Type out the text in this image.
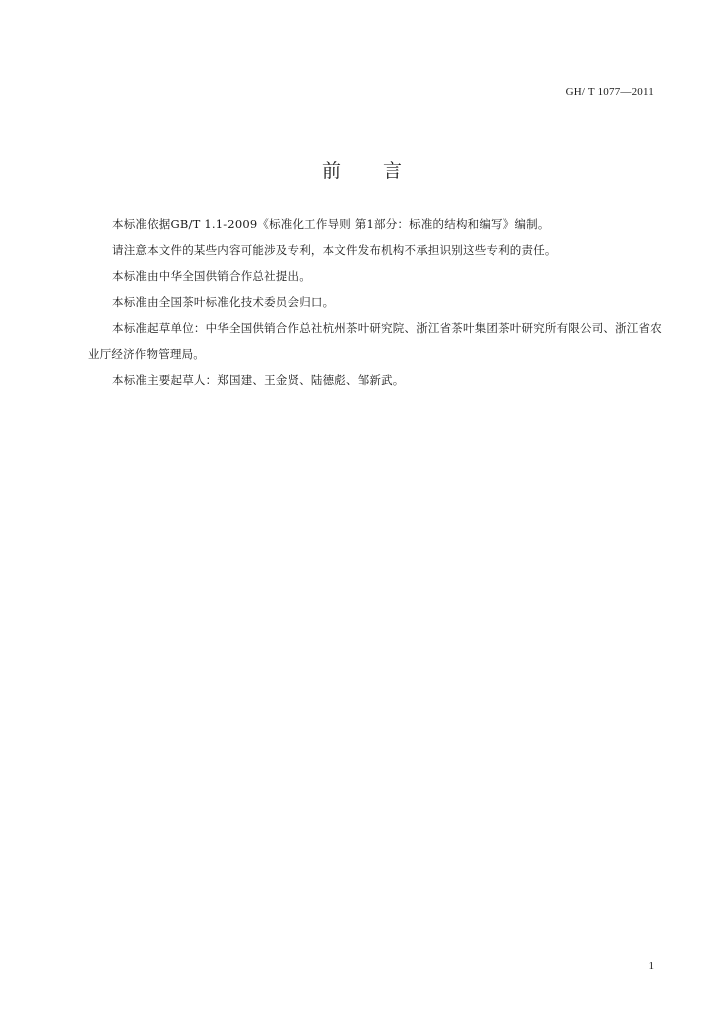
GH/ T 1077—2011
前言

本标准依据GB/T 1.1-2009《标准化工作导则 第1部分：标准的结构和编写》编制。

请注意本文件的某些内容可能涉及专利，本文件发布机构不承担识别这些专利的责任。

本标准由中华全国供销合作总社提出。

本标准由全国茶叶标准化技术委员会归口。

本标准起草单位：中华全国供销合作总社杭州茶叶研究院、浙江省茶叶集团茶叶研究所有限公司、浙江省农业厅经济作物管理局。

本标准主要起草人：郑国建、王金贤、陆德彪、邹新武。

1
